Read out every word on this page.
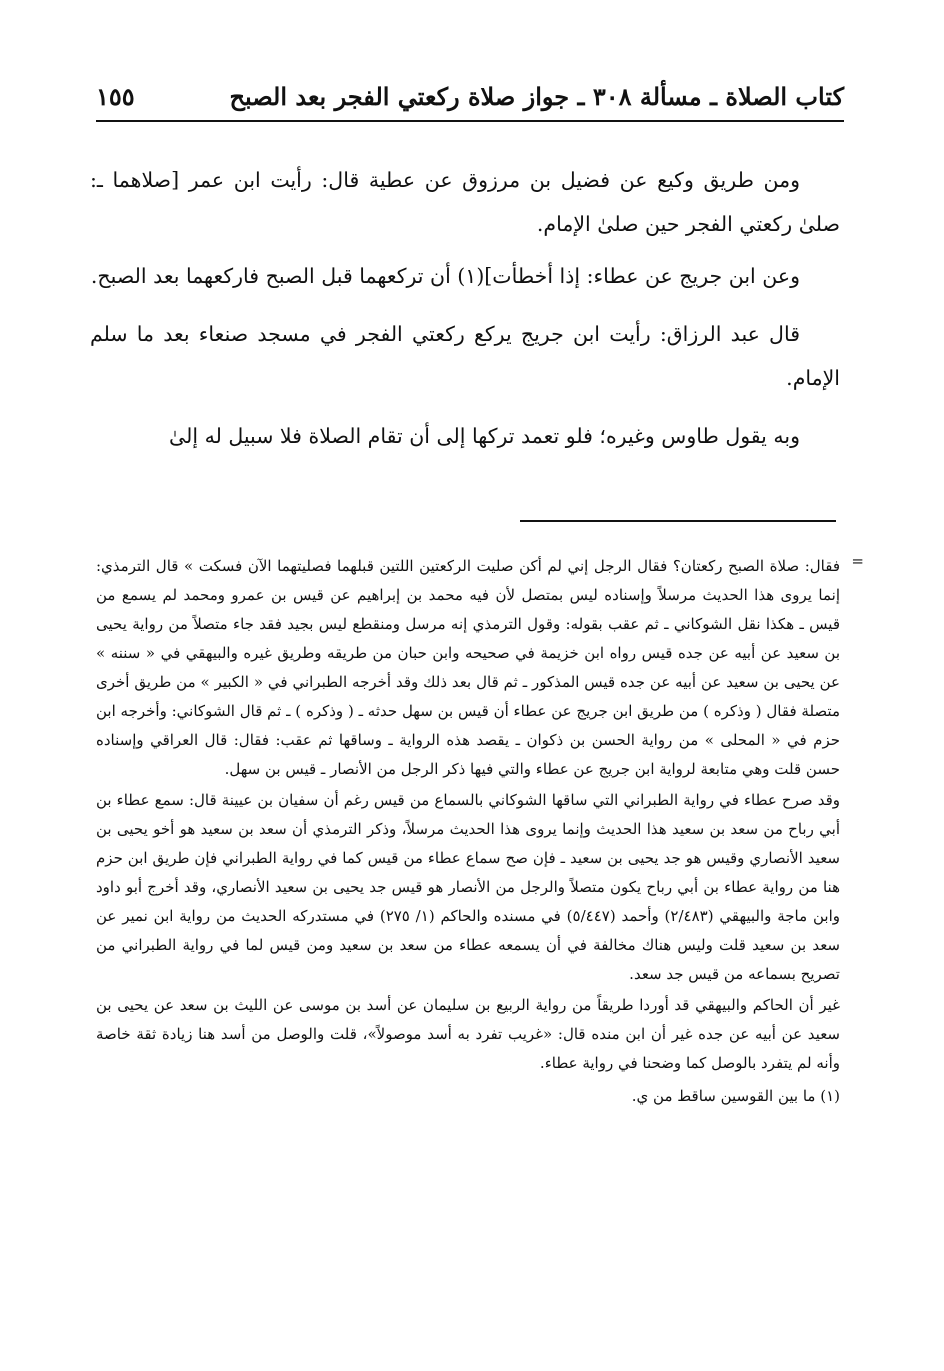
كتاب الصلاة ـ مسألة ٣٠٨ ـ جواز صلاة ركعتي الفجر بعد الصبح
١٥٥

ومن طريق وكيع عن فضيل بن مرزوق عن عطية قال: رأيت ابن عمر [صلاهما ـ: صلىٰ ركعتي الفجر حين صلىٰ الإمام.

وعن ابن جريج عن عطاء: إذا أخطأت](١) أن تركعهما قبل الصبح فاركعهما بعد الصبح.

قال عبد الرزاق: رأيت ابن جريج يركع ركعتي الفجر في مسجد صنعاء بعد ما سلم الإمام.

وبه يقول طاوس وغيره؛ فلو تعمد تركها إلى أن تقام الصلاة فلا سبيل له إلىٰ

=

فقال: صلاة الصبح ركعتان؟ فقال الرجل إني لم أكن صليت الركعتين اللتين قبلهما فصليتهما الآن فسكت » قال الترمذي: إنما يروى هذا الحديث مرسلاً وإسناده ليس بمتصل لأن فيه محمد بن إبراهيم عن قيس بن عمرو ومحمد لم يسمع من قيس ـ هكذا نقل الشوكاني ـ ثم عقب بقوله: وقول الترمذي إنه مرسل ومنقطع ليس بجيد فقد جاء متصلاً من رواية يحيى بن سعيد عن أبيه عن جده قيس رواه ابن خزيمة في صحيحه وابن حبان من طريقه وطريق غيره والبيهقي في « سننه » عن يحيى بن سعيد عن أبيه عن جده قيس المذكور ـ ثم قال بعد ذلك وقد أخرجه الطبراني في « الكبير » من طريق أخرى متصلة فقال ( وذكره ) من طريق ابن جريج عن عطاء أن قيس بن سهل حدثه ـ ( وذكره ) ـ ثم قال الشوكاني: وأخرجه ابن حزم في « المحلى » من رواية الحسن بن ذكوان ـ يقصد هذه الرواية ـ وساقها ثم عقب: فقال: قال العراقي وإسناده حسن قلت وهي متابعة لرواية ابن جريج عن عطاء والتي فيها ذكر الرجل من الأنصار ـ قيس بن سهل.

وقد صرح عطاء في رواية الطبراني التي ساقها الشوكاني بالسماع من قيس رغم أن سفيان بن عيينة قال: سمع عطاء بن أبي رباح من سعد بن سعيد هذا الحديث وإنما يروى هذا الحديث مرسلاً، وذكر الترمذي أن سعد بن سعيد هو أخو يحيى بن سعيد الأنصاري وقيس هو جد يحيى بن سعيد ـ فإن صح سماع عطاء من قيس كما في رواية الطبراني فإن طريق ابن حزم هنا من رواية عطاء بن أبي رباح يكون متصلاً والرجل من الأنصار هو قيس جد يحيى بن سعيد الأنصاري، وقد أخرج أبو داود وابن ماجة والبيهقي (٢/٤٨٣) وأحمد (٥/٤٤٧) في مسنده والحاكم (١/ ٢٧٥) في مستدركه الحديث من رواية ابن نمير عن سعد بن سعيد قلت وليس هناك مخالفة في أن يسمعه عطاء من سعد بن سعيد ومن قيس لما في رواية الطبراني من تصريح بسماعه من قيس جد سعد.

غير أن الحاكم والبيهقي قد أوردا طريقاً من رواية الربيع بن سليمان عن أسد بن موسى عن الليث بن سعد عن يحيى بن سعيد عن أبيه عن جده غير أن ابن منده قال: «غريب تفرد به أسد موصولاً»، قلت والوصل من أسد هنا زيادة ثقة خاصة وأنه لم يتفرد بالوصل كما وضحنا في رواية عطاء.

(١) ما بين القوسين ساقط من ي.
